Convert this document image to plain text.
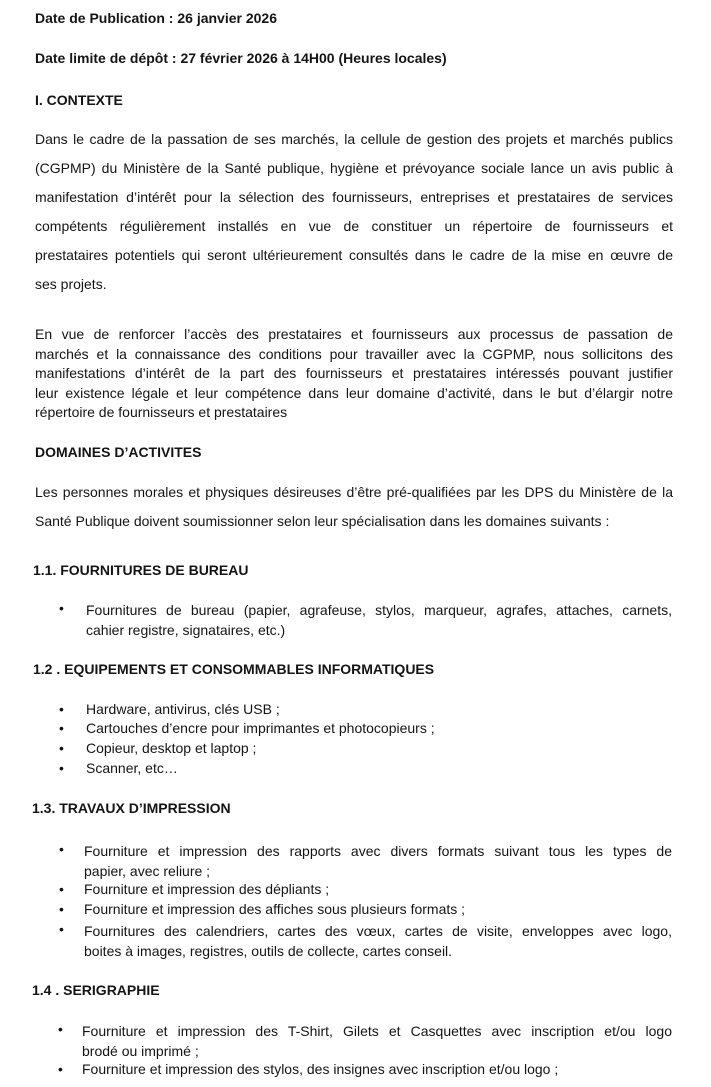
Date de Publication : 26 janvier 2026
Date limite de dépôt : 27 février 2026 à 14H00 (Heures locales)
I. CONTEXTE
Dans le cadre de la passation de ses marchés, la cellule de gestion des projets et marchés publics
(CGPMP) du Ministère de la Santé publique, hygiène et prévoyance sociale lance un avis public à
manifestation d’intérêt pour la sélection des fournisseurs, entreprises et prestataires de services
compétents régulièrement installés en vue de constituer un répertoire de fournisseurs et
prestataires potentiels qui seront ultérieurement consultés dans le cadre de la mise en œuvre de
ses projets.
En vue de renforcer l’accès des prestataires et fournisseurs aux processus de passation de
marchés et la connaissance des conditions pour travailler avec la CGPMP, nous sollicitons des
manifestations d’intérêt de la part des fournisseurs et prestataires intéressés pouvant justifier
leur existence légale et leur compétence dans leur domaine d’activité, dans le but d’élargir notre
répertoire de fournisseurs et prestataires
DOMAINES D’ACTIVITES
Les personnes morales et physiques désireuses d’être pré-qualifiées par les DPS du Ministère de la
Santé Publique doivent soumissionner selon leur spécialisation dans les domaines suivants :
1.1. FOURNITURES DE BUREAU
• Fournitures de bureau (papier, agrafeuse, stylos, marqueur, agrafes, attaches, carnets,
cahier registre, signataires, etc.)
1.2 . EQUIPEMENTS ET CONSOMMABLES INFORMATIQUES
• Hardware, antivirus, clés USB ;
• Cartouches d’encre pour imprimantes et photocopieurs ;
• Copieur, desktop et laptop ;
• Scanner, etc…
1.3. TRAVAUX D’IMPRESSION
• Fourniture et impression des rapports avec divers formats suivant tous les types de
papier, avec reliure ;
• Fourniture et impression des dépliants ;
• Fourniture et impression des affiches sous plusieurs formats ;
• Fournitures des calendriers, cartes des vœux, cartes de visite, enveloppes avec logo,
boites à images, registres, outils de collecte, cartes conseil.
1.4 . SERIGRAPHIE
• Fourniture et impression des T-Shirt, Gilets et Casquettes avec inscription et/ou logo
brodé ou imprimé ;
• Fourniture et impression des stylos, des insignes avec inscription et/ou logo ;
